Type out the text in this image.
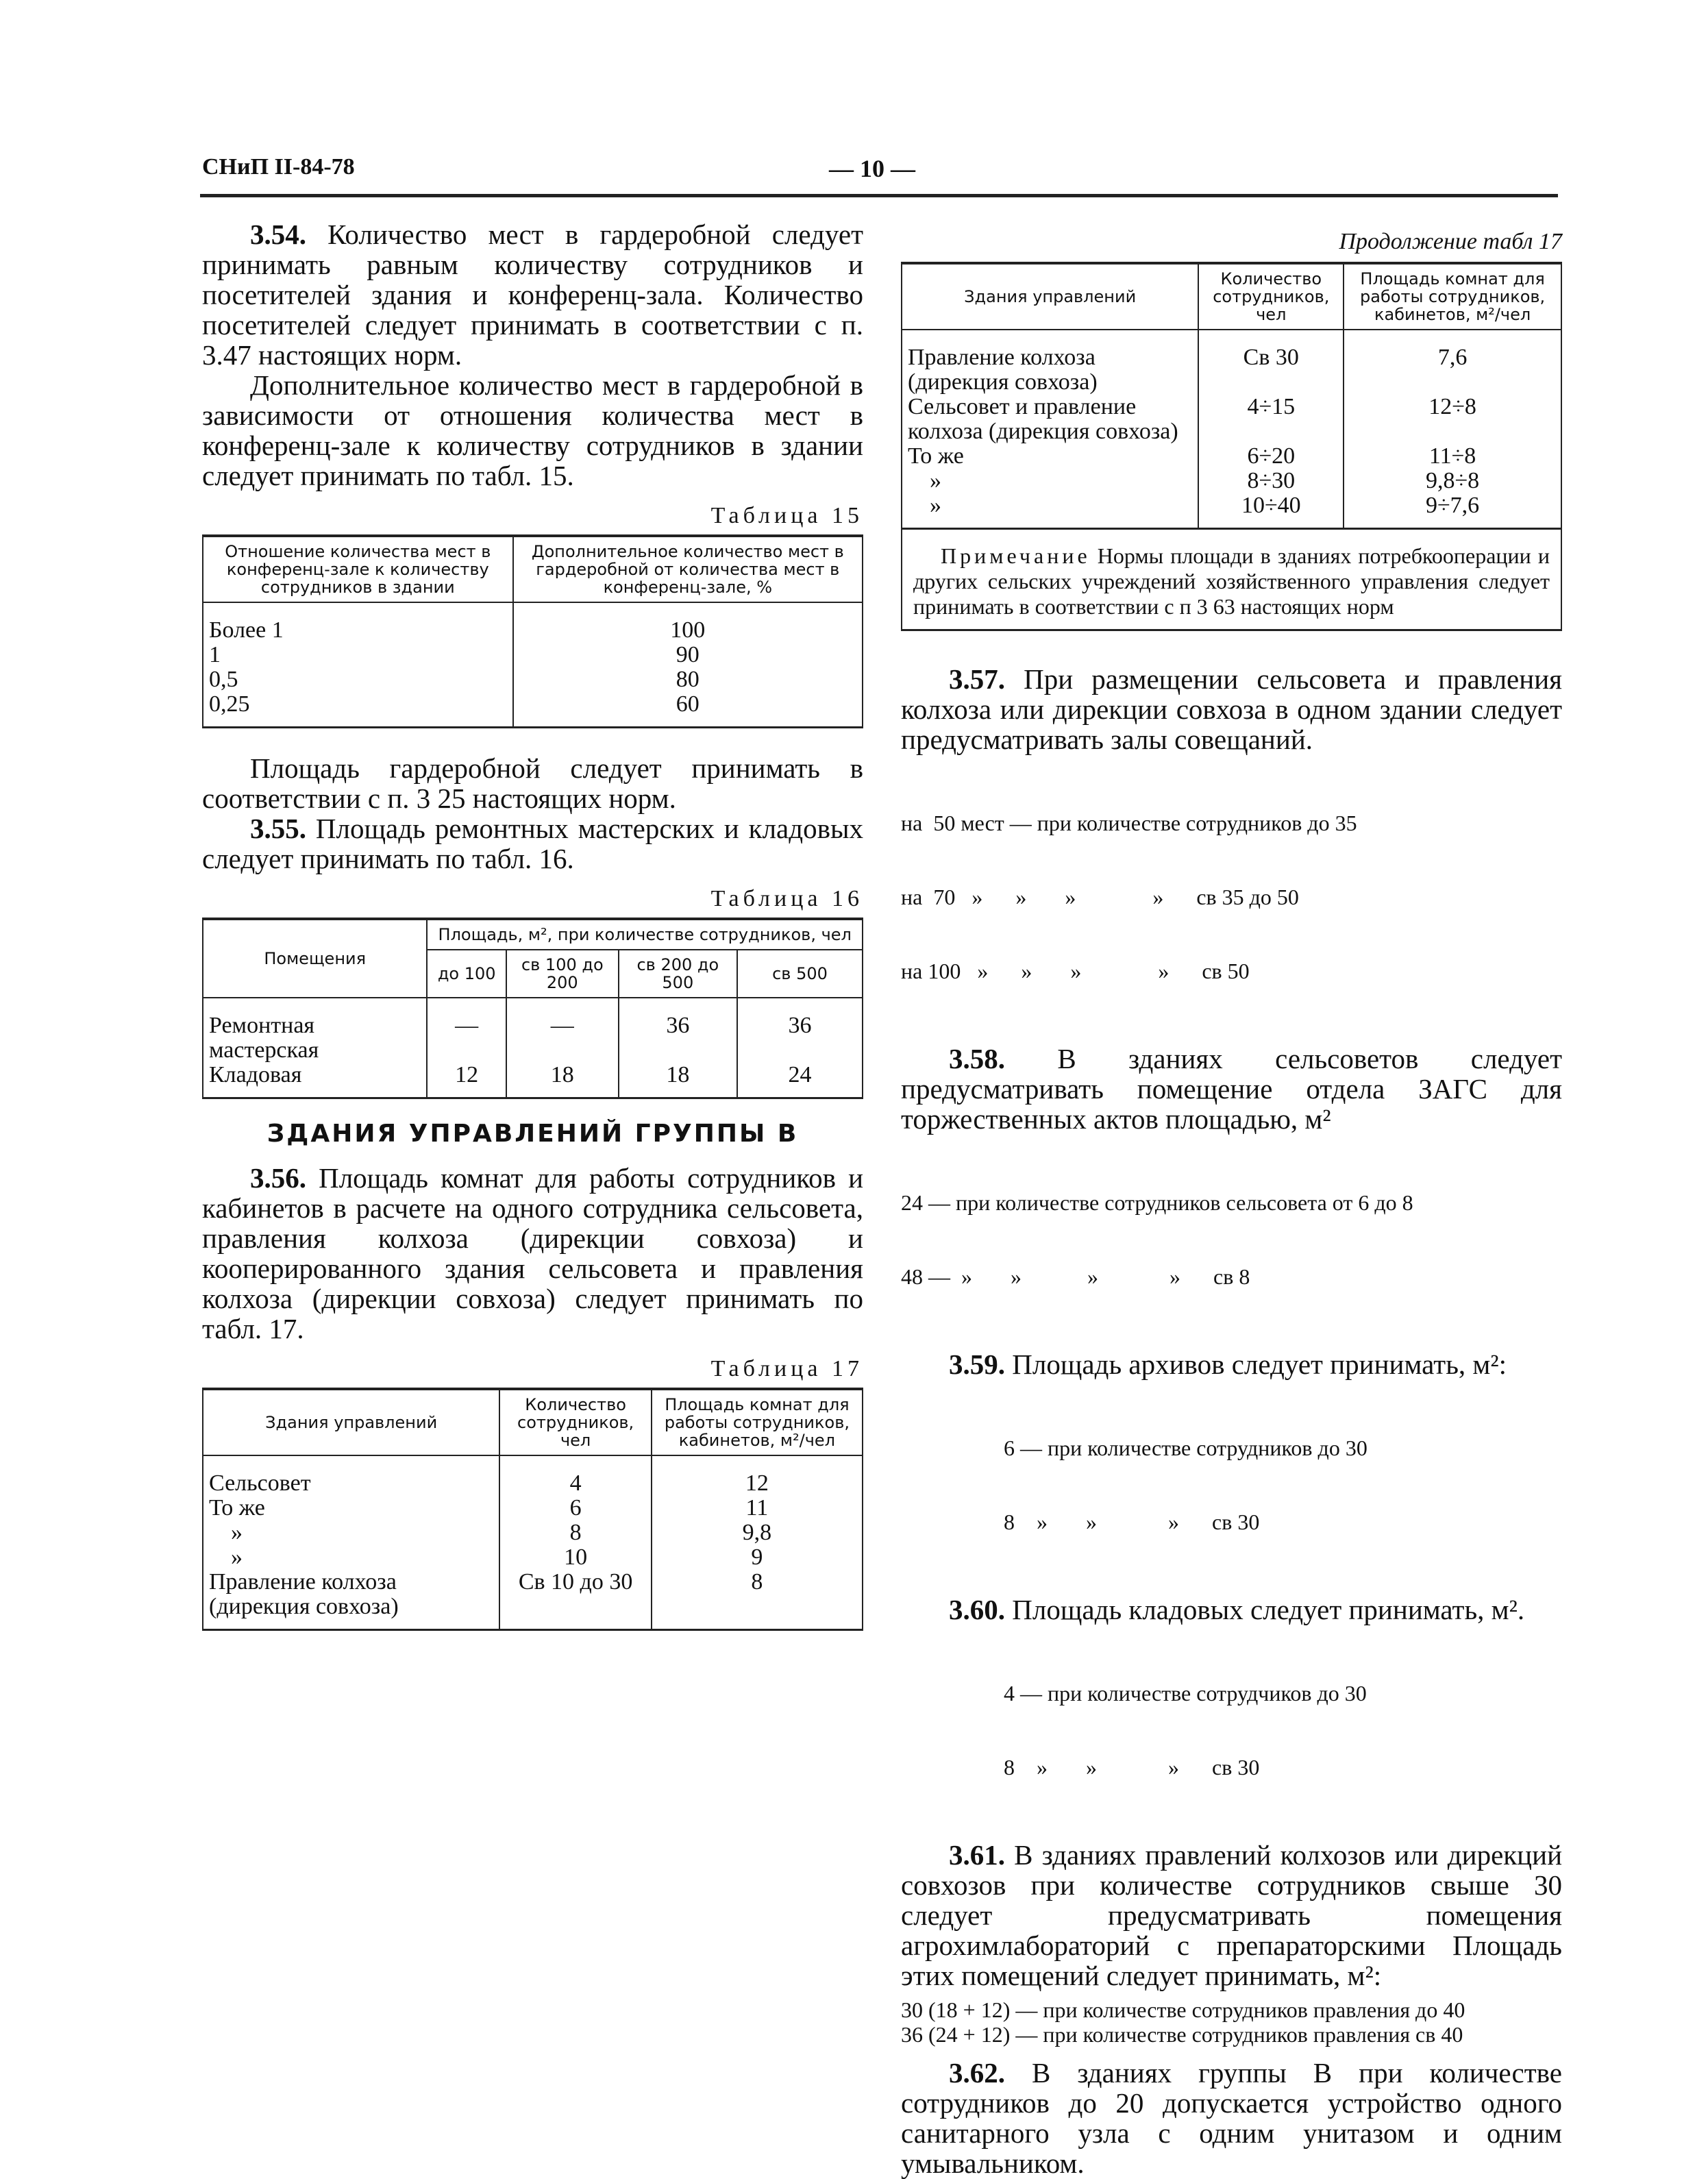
СНиП II-84-78	— 10 —

3.54. Количество мест в гардеробной следует принимать равным количеству сотрудников и посетителей здания и конференц-зала. Количество посетителей следует принимать в соответствии с п. 3.47 настоящих норм.

Дополнительное количество мест в гардеробной в зависимости от отношения количества мест в конференц-зале к количеству сотрудников в здании следует принимать по табл. 15.

Таблица 15
Отношение количества мест в конференц-зале к количеству сотрудников в здании	Дополнительное количество мест в гардеробной от количества мест в конференц-зале, %
Более 1	100
1	90
0,5	80
0,25	60

Площадь гардеробной следует принимать в соответствии с п. 3 25 настоящих норм.

3.55. Площадь ремонтных мастерских и кладовых следует принимать по табл. 16.

Таблица 16
Помещения	Площадь, м², при количестве сотрудников, чел			
	до 100	св 100 до 200	св 200 до 500	св 500
Ремонтная мастерская	—	—	36	36
Кладовая	12	18	18	24
ЗДАНИЯ УПРАВЛЕНИЙ ГРУППЫ В

3.56. Площадь комнат для работы сотрудников и кабинетов в расчете на одного сотрудника сельсовета, правления колхоза (дирекции совхоза) и кооперированного здания сельсовета и правления колхоза (дирекции совхоза) следует принимать по табл. 17.

Таблица 17
Здания управлений	Количество сотрудников, чел	Площадь комнат для работы сотрудников, кабинетов, м²/чел
Сельсовет	4	12
То же	6	11
»	8	9,8
»	10	9
Правление колхоза (дирекция совхоза)	Св 10 до 30	8
Продолжение табл 17
Здания управлений	Количество сотрудников, чел	Площадь комнат для работы сотрудников, кабинетов, м²/чел
Правление колхоза (дирекция совхоза)	Св 30	7,6
Сельсовет и правление колхоза (дирекция совхоза)	4÷15	12÷8
То же	6÷20	11÷8
»	8÷30	9,8÷8
»	10÷40	9÷7,6
Примечание Нормы площади в зданиях потребкооперации и других сельских учреждений хозяйственного управления следует принимать в соответствии с п 3 63 настоящих норм

3.57. При размещении сельсовета и правления колхоза или дирекции совхоза в одном здании следует предусматривать залы совещаний.

на  50 мест — при количестве сотрудников до 35

на  70   »      »       »              »      св 35 до 50

на 100   »      »       »              »      св 50

3.58. В зданиях сельсоветов следует предусматривать помещение отдела ЗАГС для торжественных актов площадью, м²

24 — при количестве сотрудников сельсовета от 6 до 8

48 —  »       »            »             »      св 8

3.59. Площадь архивов следует принимать, м²:

6 — при количестве сотрудников до 30

8    »       »             »      св 30

3.60. Площадь кладовых следует принимать, м².

4 — при количестве сотрудчиков до 30

8    »       »             »      св 30

3.61. В зданиях правлений колхозов или дирекций совхозов при количестве сотрудников свыше 30 следует предусматривать помещения агрохимлабораторий с препараторскими Площадь этих помещений следует принимать, м²:

30 (18 + 12) — при количестве сотрудников правления до 40
36 (24 + 12) — при количестве сотрудников правления св 40

3.62. В зданиях группы В при количестве сотрудников до 20 допускается устройство одного санитарного узла с одним унитазом и одним умывальником.
